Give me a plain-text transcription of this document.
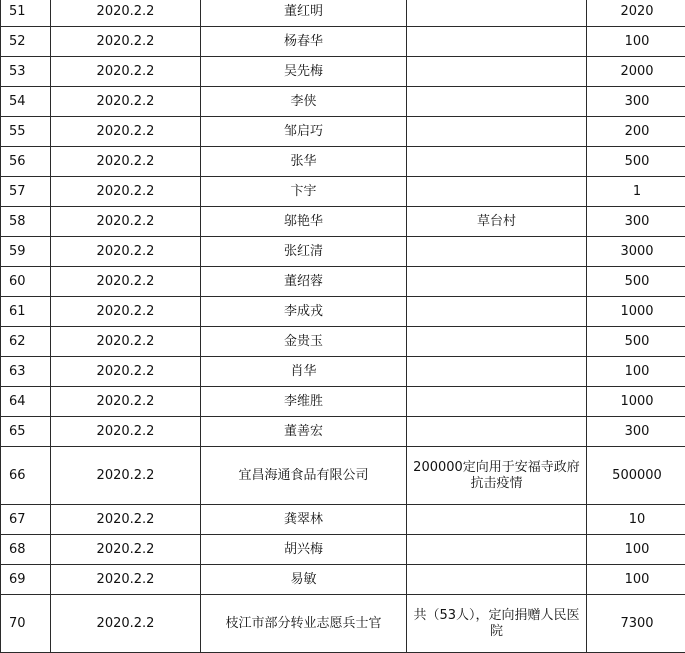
51	2020.2.2	董红明		2020
52	2020.2.2	杨春华		100
53	2020.2.2	吴先梅		2000
54	2020.2.2	李侠		300
55	2020.2.2	邹启巧		200
56	2020.2.2	张华		500
57	2020.2.2	卞宇		1
58	2020.2.2	邬艳华	草台村	300
59	2020.2.2	张红清		3000
60	2020.2.2	董绍蓉		500
61	2020.2.2	李成戎		1000
62	2020.2.2	金贵玉		500
63	2020.2.2	肖华		100
64	2020.2.2	李维胜		1000
65	2020.2.2	董善宏		300
66	2020.2.2	宜昌海通食品有限公司	200000定向用于安福寺政府抗击疫情	500000
67	2020.2.2	龚翠林		10
68	2020.2.2	胡兴梅		100
69	2020.2.2	易敏		100
70	2020.2.2	枝江市部分转业志愿兵士官	共（53人），定向捐赠人民医院	7300
